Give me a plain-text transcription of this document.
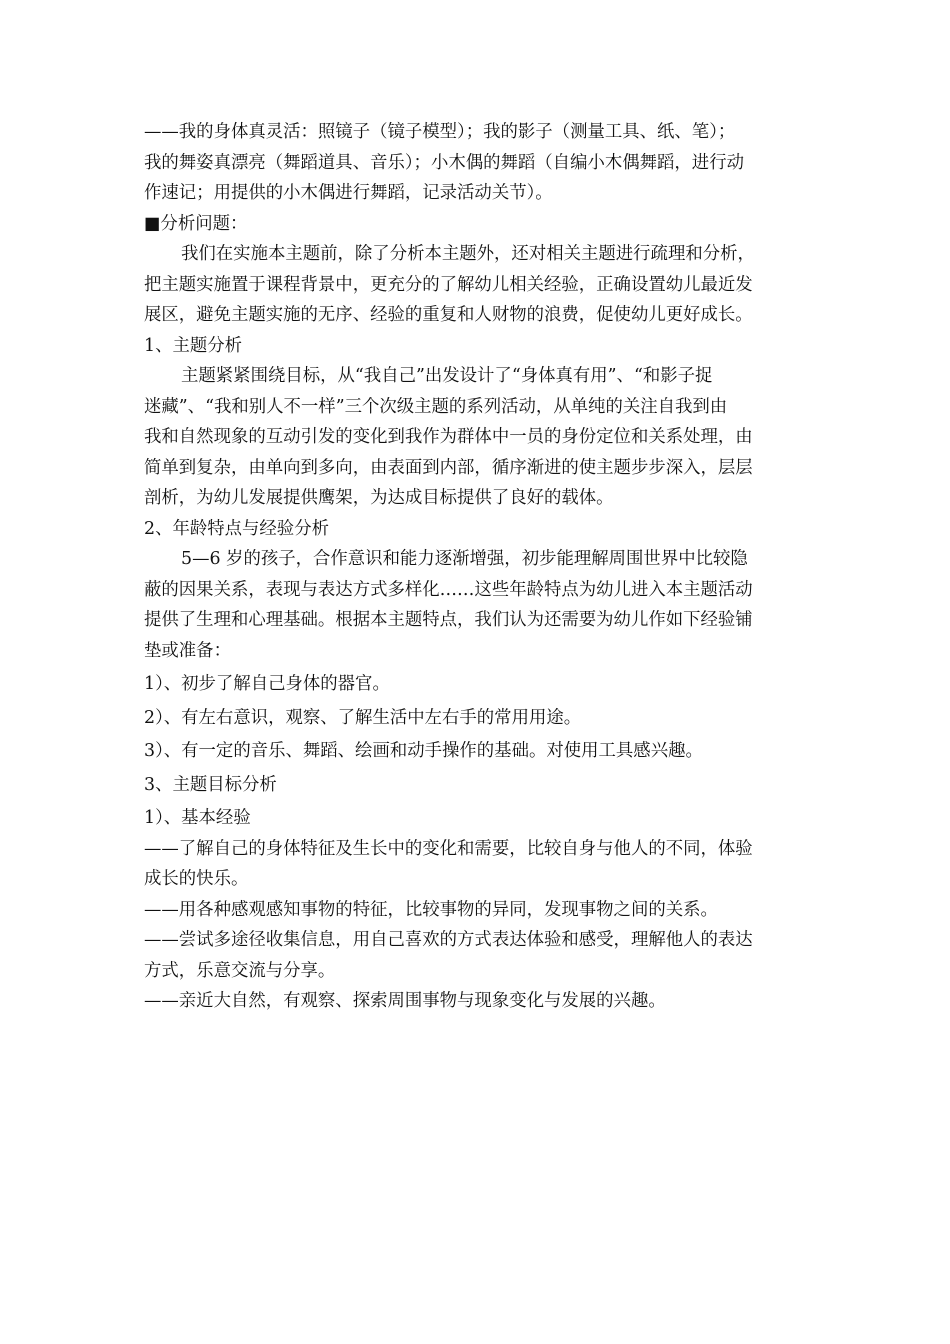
——我的身体真灵活：照镜子（镜子模型）；我的影子（测量工具、纸、笔）；
我的舞姿真漂亮（舞蹈道具、音乐）；小木偶的舞蹈（自编小木偶舞蹈，进行动
作速记；用提供的小木偶进行舞蹈，记录活动关节）。
■分析问题：
我们在实施本主题前，除了分析本主题外，还对相关主题进行疏理和分析，
把主题实施置于课程背景中，更充分的了解幼儿相关经验，正确设置幼儿最近发
展区，避免主题实施的无序、经验的重复和人财物的浪费，促使幼儿更好成长。
1、主题分析
主题紧紧围绕目标，从“我自己”出发设计了“身体真有用”、“和影子捉
迷藏”、“我和别人不一样”三个次级主题的系列活动，从单纯的关注自我到由
我和自然现象的互动引发的变化到我作为群体中一员的身份定位和关系处理，由
简单到复杂，由单向到多向，由表面到内部，循序渐进的使主题步步深入，层层
剖析，为幼儿发展提供鹰架，为达成目标提供了良好的载体。
2、年龄特点与经验分析
5—6 岁的孩子，合作意识和能力逐渐增强，初步能理解周围世界中比较隐
蔽的因果关系，表现与表达方式多样化……这些年龄特点为幼儿进入本主题活动
提供了生理和心理基础。根据本主题特点，我们认为还需要为幼儿作如下经验铺
垫或准备：
1）、初步了解自己身体的器官。
2）、有左右意识，观察、了解生活中左右手的常用用途。
3）、有一定的音乐、舞蹈、绘画和动手操作的基础。对使用工具感兴趣。
3、主题目标分析
1）、基本经验
——了解自己的身体特征及生长中的变化和需要，比较自身与他人的不同，体验
成长的快乐。
——用各种感观感知事物的特征，比较事物的异同，发现事物之间的关系。
——尝试多途径收集信息，用自己喜欢的方式表达体验和感受，理解他人的表达
方式，乐意交流与分享。
——亲近大自然，有观察、探索周围事物与现象变化与发展的兴趣。
